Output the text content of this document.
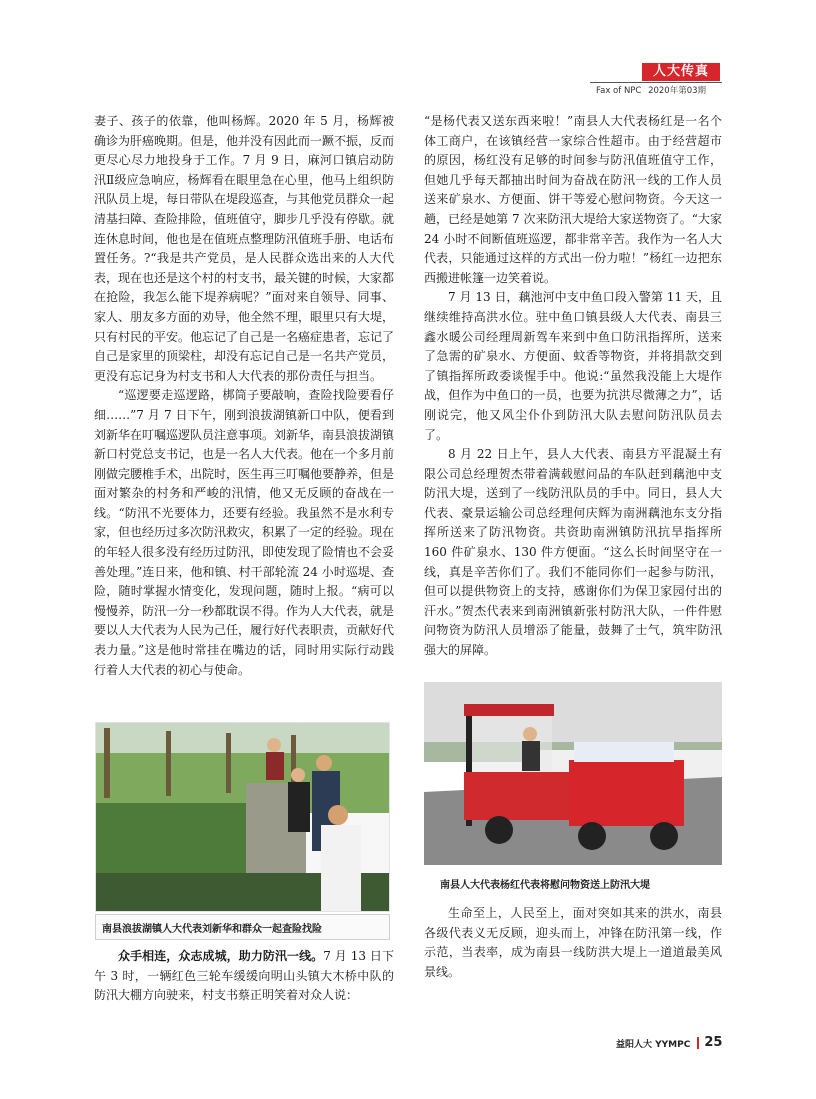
人大传真
Fax of NPC 2020年第03期

妻子、孩子的依靠，他叫杨辉。2020 年 5 月，杨辉被确诊为肝癌晚期。但是，他并没有因此而一蹶不振，反而更尽心尽力地投身于工作。7 月 9 日，麻河口镇启动防汛Ⅱ级应急响应，杨辉看在眼里急在心里，他马上组织防汛队员上堤，每日带队在堤段巡查，与其他党员群众一起清基扫障、查险排险，值班值守，脚步几乎没有停歇。就连休息时间，他也是在值班点整理防汛值班手册、电话布置任务。?“我是共产党员，是人民群众选出来的人大代表，现在也还是这个村的村支书，最关键的时候，大家都在抢险，我怎么能下堤养病呢？”面对来自领导、同事、家人、朋友多方面的劝导，他全然不理，眼里只有大堤，只有村民的平安。他忘记了自己是一名癌症患者，忘记了自己是家里的顶梁柱，却没有忘记自己是一名共产党员，更没有忘记身为村支书和人大代表的那份责任与担当。

“巡逻要走巡逻路，梆筒子要敲响，查险找险要看仔细……”7 月 7 日下午，刚到浪拔湖镇新口中队，便看到刘新华在叮嘱巡逻队员注意事项。刘新华，南县浪拔湖镇新口村党总支书记，也是一名人大代表。他在一个多月前刚做完腰椎手术，出院时，医生再三叮嘱他要静养，但是面对繁杂的村务和严峻的汛情，他又无反顾的奋战在一线。“防汛不光要体力，还要有经验。我虽然不是水利专家，但也经历过多次防汛救灾，积累了一定的经验。现在的年轻人很多没有经历过防汛，即使发现了险情也不会妥善处理。”连日来，他和镇、村干部轮流 24 小时巡堤、查险，随时掌握水情变化，发现问题，随时上报。“病可以慢慢养，防汛一分一秒都耽误不得。作为人大代表，就是要以人大代表为人民为己任，履行好代表职责，贡献好代表力量。”这是他时常挂在嘴边的话，同时用实际行动践行着人大代表的初心与使命。

南县浪拔湖镇人大代表刘新华和群众一起查险找险

众手相连，众志成城，助力防汛一线。7 月 13 日下午 3 时，一辆红色三轮车缓缓向明山头镇大木桥中队的防汛大棚方向驶来，村支书蔡正明笑着对众人说：

“是杨代表又送东西来啦！”南县人大代表杨红是一名个体工商户，在该镇经营一家综合性超市。由于经营超市的原因，杨红没有足够的时间参与防汛值班值守工作，但她几乎每天都抽出时间为奋战在防汛一线的工作人员送来矿泉水、方便面、饼干等爱心慰问物资。今天这一趟，已经是她第 7 次来防汛大堤给大家送物资了。“大家 24 小时不间断值班巡逻，都非常辛苦。我作为一名人大代表，只能通过这样的方式出一份力啦！”杨红一边把东西搬进帐篷一边笑着说。

7 月 13 日，藕池河中支中鱼口段入警第 11 天，且继续维持高洪水位。驻中鱼口镇县级人大代表、南县三鑫水暖公司经理周新驾车来到中鱼口防汛指挥所，送来了急需的矿泉水、方便面、蚊香等物资，并将捐款交到了镇指挥所政委谈惺手中。他说:“虽然我没能上大堤作战，但作为中鱼口的一员，也要为抗洪尽微薄之力”，话刚说完，他又风尘仆仆到防汛大队去慰问防汛队员去了。

8 月 22 日上午，县人大代表、南县方平混凝土有限公司总经理贺杰带着满载慰问品的车队赶到藕池中支防汛大堤，送到了一线防汛队员的手中。同日，县人大代表、豪景运输公司总经理何庆辉为南洲藕池东支分指挥所送来了防汛物资。共资助南洲镇防汛抗旱指挥所 160 件矿泉水、130 件方便面。“这么长时间坚守在一线，真是辛苦你们了。我们不能同你们一起参与防汛，但可以提供物资上的支持，感谢你们为保卫家园付出的汗水。”贺杰代表来到南洲镇新张村防汛大队，一件件慰问物资为防汛人员增添了能量，鼓舞了士气，筑牢防汛强大的屏障。

南县人大代表杨红代表将慰问物资送上防汛大堤

生命至上，人民至上，面对突如其来的洪水，南县各级代表义无反顾，迎头而上，冲锋在防汛第一线，作示范，当表率，成为南县一线防洪大堤上一道道最美风景线。

益阳人大 YYMPC 25
